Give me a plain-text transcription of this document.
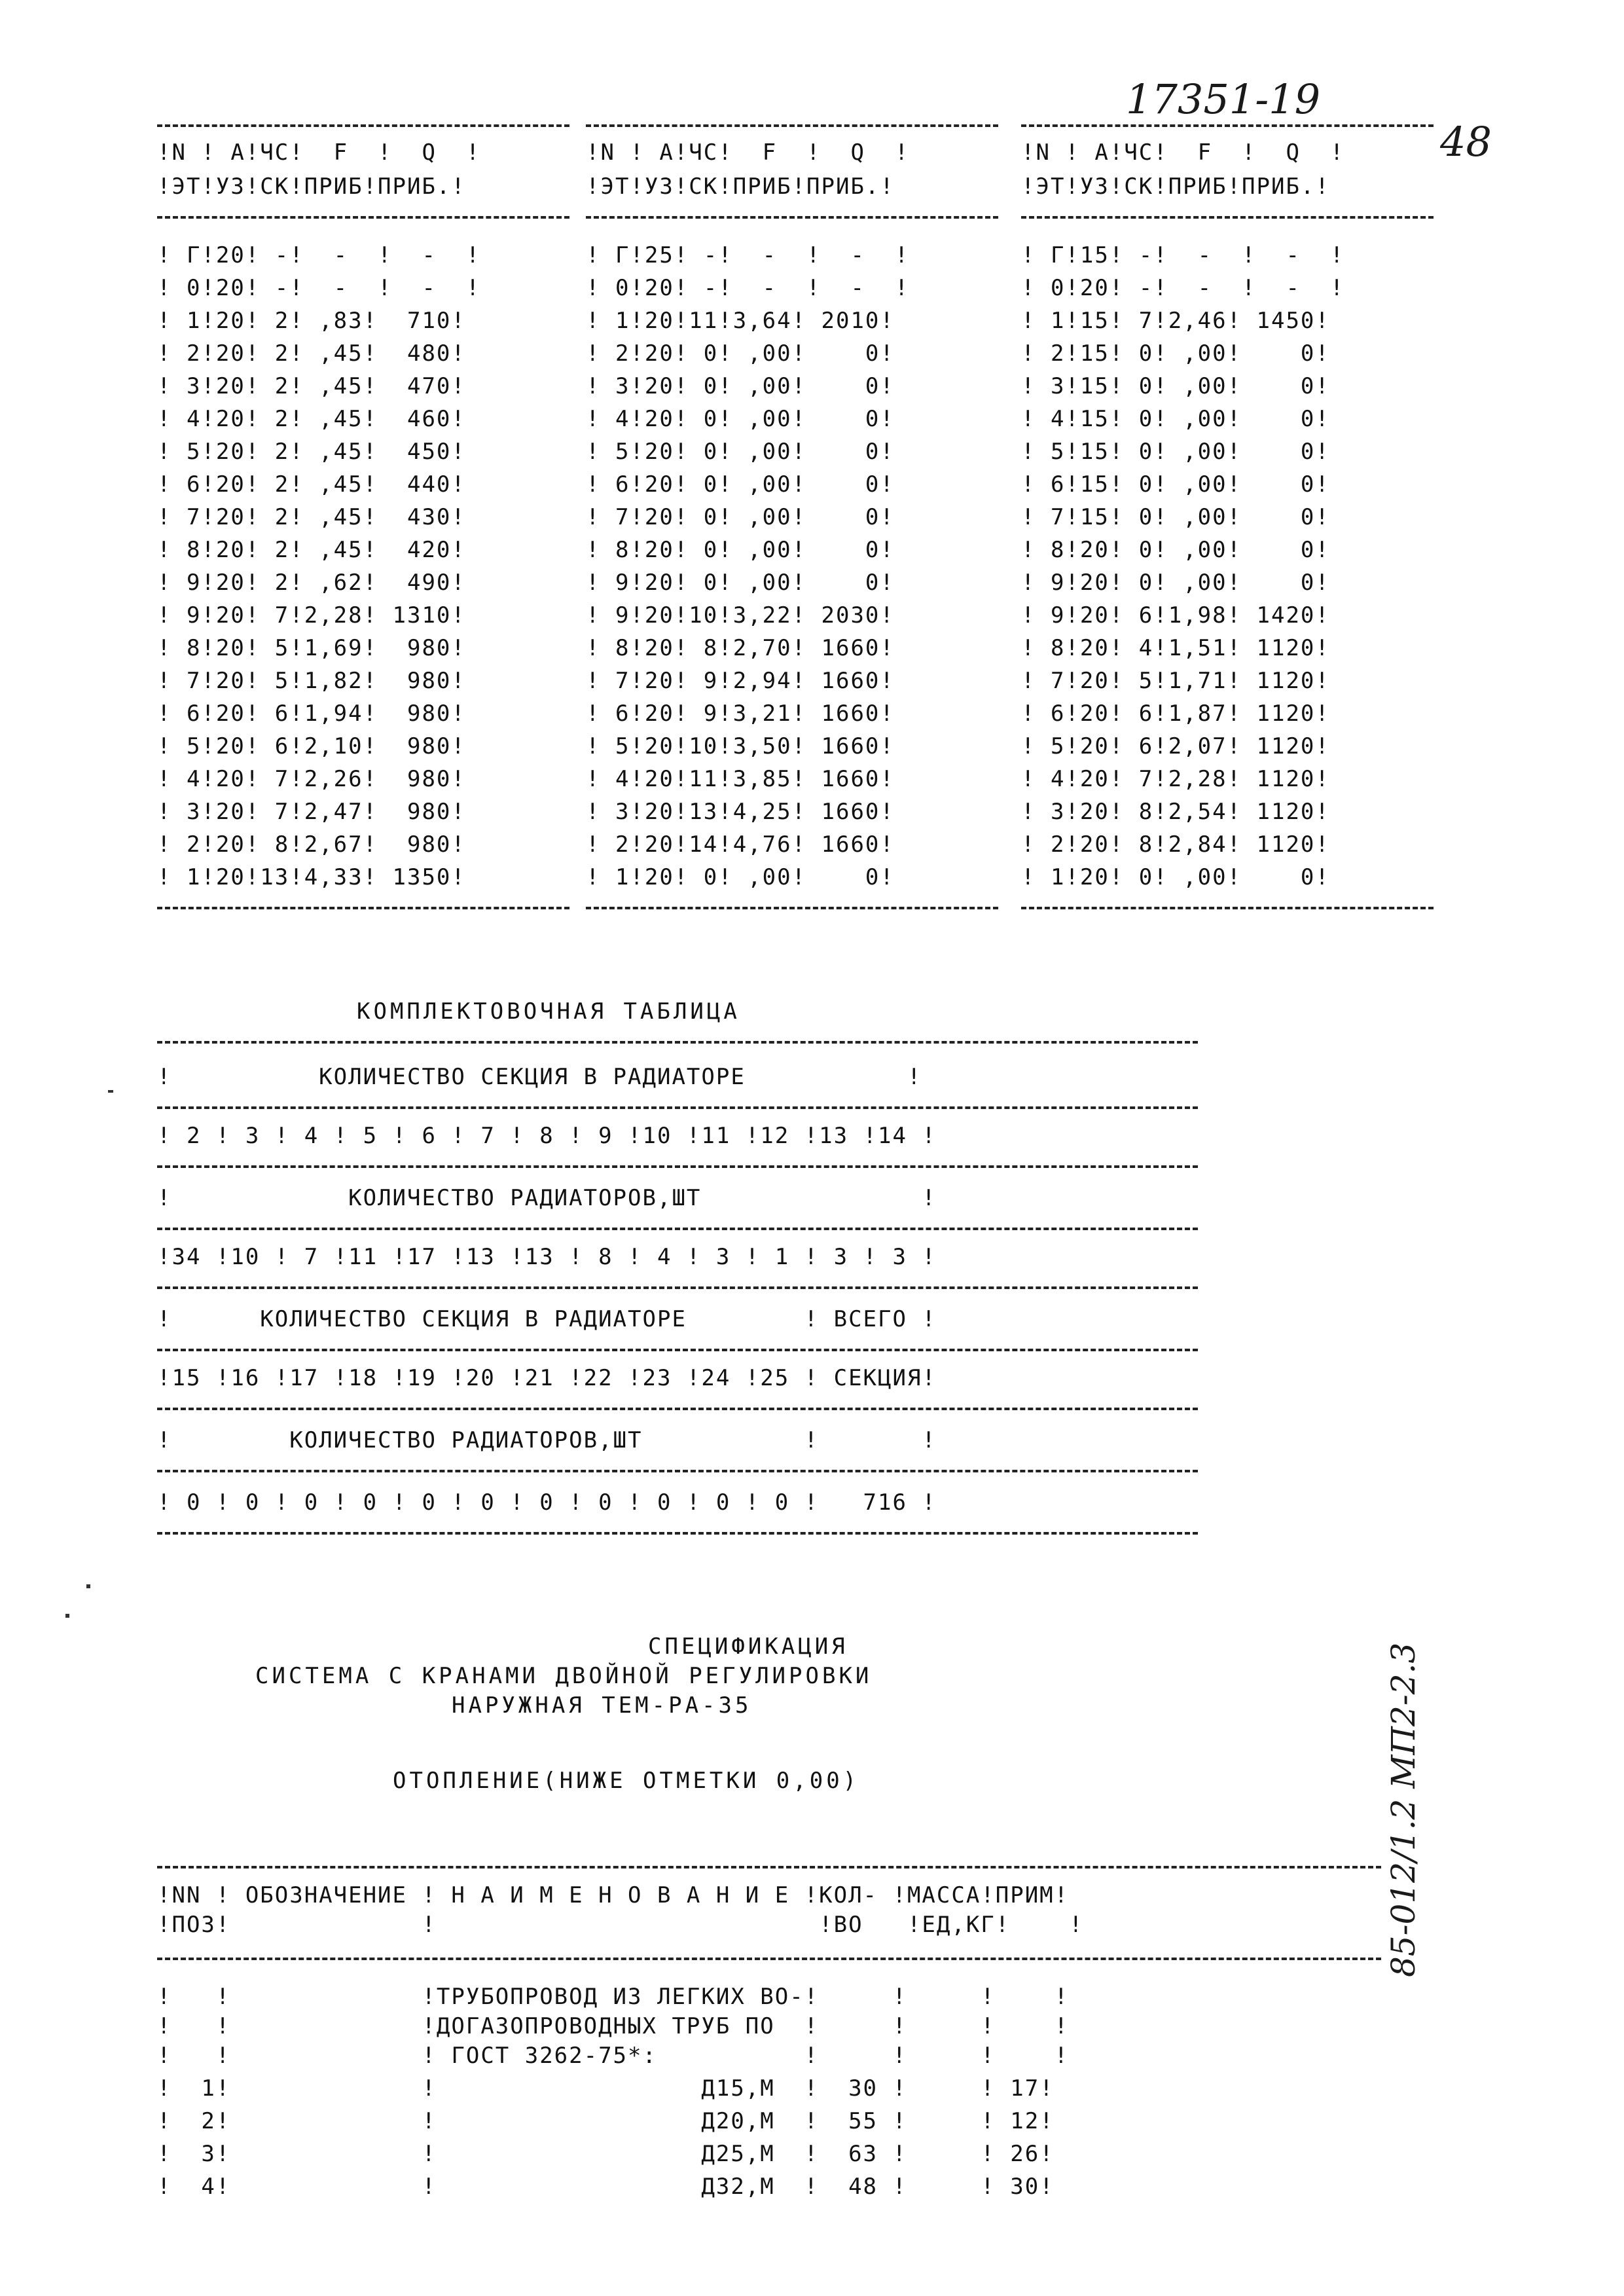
17351-19
48
!N ! А!ЧС!  F  !  Q  !
!ЭТ!УЗ!СК!ПРИБ!ПРИБ.!
! Г!20! -!  -  !  -  !
! 0!20! -!  -  !  -  !
! 1!20! 2! ,83!  710!
! 2!20! 2! ,45!  480!
! 3!20! 2! ,45!  470!
! 4!20! 2! ,45!  460!
! 5!20! 2! ,45!  450!
! 6!20! 2! ,45!  440!
! 7!20! 2! ,45!  430!
! 8!20! 2! ,45!  420!
! 9!20! 2! ,62!  490!
! 9!20! 7!2,28! 1310!
! 8!20! 5!1,69!  980!
! 7!20! 5!1,82!  980!
! 6!20! 6!1,94!  980!
! 5!20! 6!2,10!  980!
! 4!20! 7!2,26!  980!
! 3!20! 7!2,47!  980!
! 2!20! 8!2,67!  980!
! 1!20!13!4,33! 1350!
!N ! А!ЧС!  F  !  Q  !
!ЭТ!УЗ!СК!ПРИБ!ПРИБ.!
! Г!25! -!  -  !  -  !
! 0!20! -!  -  !  -  !
! 1!20!11!3,64! 2010!
! 2!20! 0! ,00!    0!
! 3!20! 0! ,00!    0!
! 4!20! 0! ,00!    0!
! 5!20! 0! ,00!    0!
! 6!20! 0! ,00!    0!
! 7!20! 0! ,00!    0!
! 8!20! 0! ,00!    0!
! 9!20! 0! ,00!    0!
! 9!20!10!3,22! 2030!
! 8!20! 8!2,70! 1660!
! 7!20! 9!2,94! 1660!
! 6!20! 9!3,21! 1660!
! 5!20!10!3,50! 1660!
! 4!20!11!3,85! 1660!
! 3!20!13!4,25! 1660!
! 2!20!14!4,76! 1660!
! 1!20! 0! ,00!    0!
!N ! А!ЧС!  F  !  Q  !
!ЭТ!УЗ!СК!ПРИБ!ПРИБ.!
! Г!15! -!  -  !  -  !
! 0!20! -!  -  !  -  !
! 1!15! 7!2,46! 1450!
! 2!15! 0! ,00!    0!
! 3!15! 0! ,00!    0!
! 4!15! 0! ,00!    0!
! 5!15! 0! ,00!    0!
! 6!15! 0! ,00!    0!
! 7!15! 0! ,00!    0!
! 8!20! 0! ,00!    0!
! 9!20! 0! ,00!    0!
! 9!20! 6!1,98! 1420!
! 8!20! 4!1,51! 1120!
! 7!20! 5!1,71! 1120!
! 6!20! 6!1,87! 1120!
! 5!20! 6!2,07! 1120!
! 4!20! 7!2,28! 1120!
! 3!20! 8!2,54! 1120!
! 2!20! 8!2,84! 1120!
! 1!20! 0! ,00!    0!
КОМПЛЕКТОВОЧНАЯ ТАБЛИЦА
!          КОЛИЧЕСТВО СЕКЦИЯ В РАДИАТОРЕ           !
! 2 ! 3 ! 4 ! 5 ! 6 ! 7 ! 8 ! 9 !10 !11 !12 !13 !14 !
!            КОЛИЧЕСТВО РАДИАТОРОВ,ШТ               !
!34 !10 ! 7 !11 !17 !13 !13 ! 8 ! 4 ! 3 ! 1 ! 3 ! 3 !
!      КОЛИЧЕСТВО СЕКЦИЯ В РАДИАТОРЕ        ! ВСЕГО !
!15 !16 !17 !18 !19 !20 !21 !22 !23 !24 !25 ! СЕКЦИЯ!
!        КОЛИЧЕСТВО РАДИАТОРОВ,ШТ           !       !
! 0 ! 0 ! 0 ! 0 ! 0 ! 0 ! 0 ! 0 ! 0 ! 0 ! 0 !   716 !
СПЕЦИФИКАЦИЯ
СИСТЕМА С КРАНАМИ ДВОЙНОЙ РЕГУЛИРОВКИ
НАРУЖНАЯ ТЕМ-РА-35
ОТОПЛЕНИЕ(НИЖЕ ОТМЕТКИ 0,00)
!NN ! ОБОЗНАЧЕНИЕ ! Н А И М Е Н О В А Н И Е !КОЛ- !МАССА!ПРИМ!
!ПОЗ!             !                          !ВО   !ЕД,КГ!    !
!   !             !ТРУБОПРОВОД ИЗ ЛЕГКИХ ВО-!     !     !    !
!   !             !ДОГАЗОПРОВОДНЫХ ТРУБ ПО  !     !     !    !
!   !             ! ГОСТ 3262-75*:          !     !     !    !
!  1!             !                  Д15,М  !  30 !     ! 17!
!  2!             !                  Д20,М  !  55 !     ! 12!
!  3!             !                  Д25,М  !  63 !     ! 26!
!  4!             !                  Д32,М  !  48 !     ! 30!
85-012/1.2 МП2-2.3
